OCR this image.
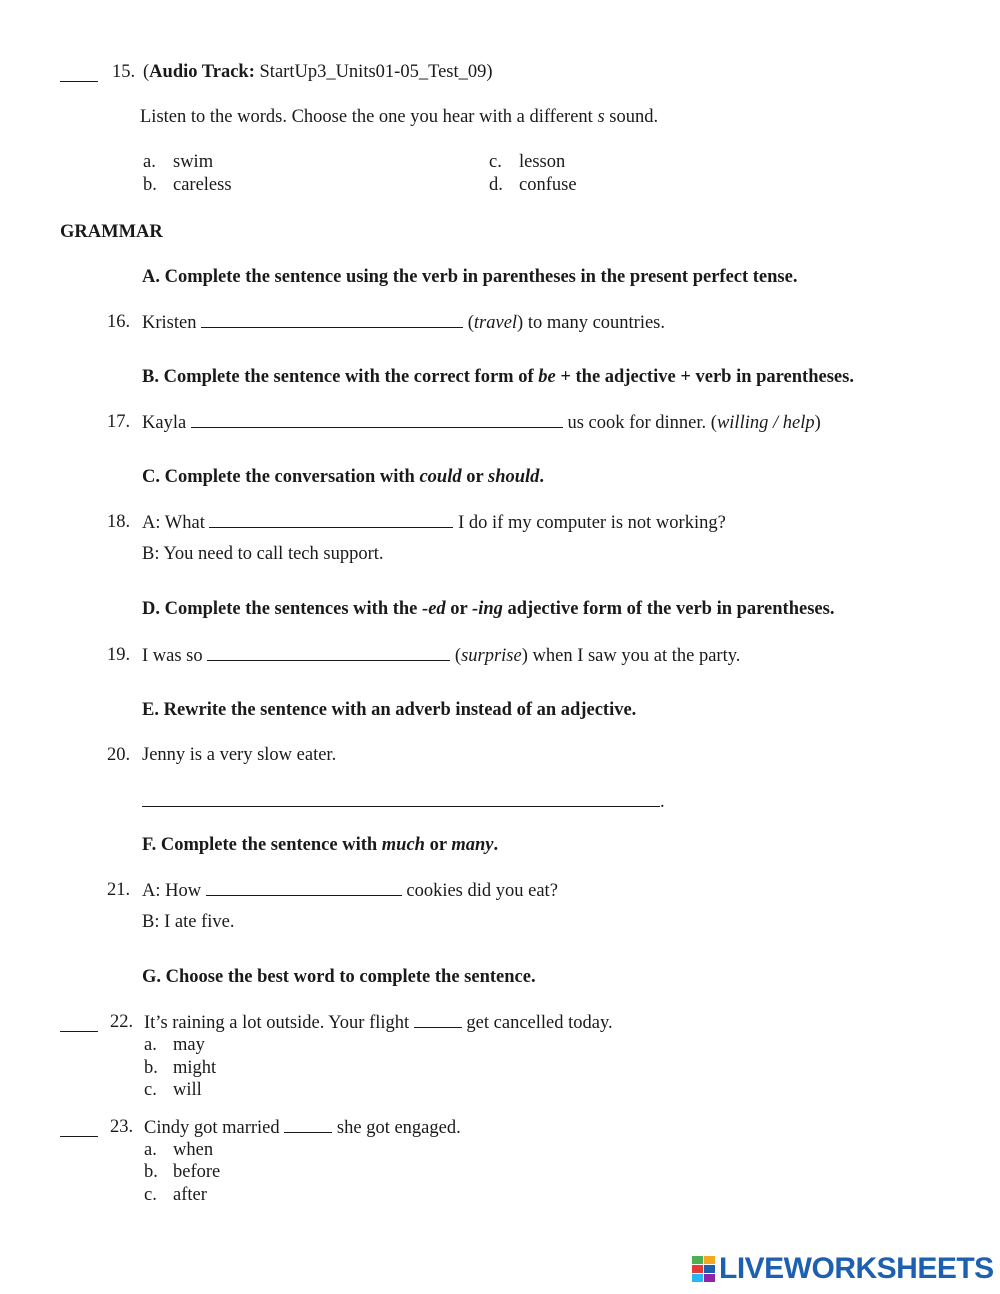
15. (Audio Track: StartUp3_Units01-05_Test_09)
Listen to the words. Choose the one you hear with a different s sound.
a. swim
b. careless
c. lesson
d. confuse
GRAMMAR
A. Complete the sentence using the verb in parentheses in the present perfect tense.
16. Kristen	(travel) to many countries.
B. Complete the sentence with the correct form of be + the adjective + verb in parentheses.
17. Kayla	us cook for dinner. (willing / help)
C. Complete the conversation with could or should.
18. A: What	I do if my computer is not working?
B: You need to call tech support.
D. Complete the sentences with the -ed or -ing adjective form of the verb in parentheses.
19. I was so	(surprise) when I saw you at the party.
E. Rewrite the sentence with an adverb instead of an adjective.
20. Jenny is a very slow eater.
.
F. Complete the sentence with much or many.
21. A: How	cookies did you eat?
B: I ate five.
G. Choose the best word to complete the sentence.
22. It’s raining a lot outside. Your flight	get cancelled today.
a. may
b. might
c. will
23. Cindy got married	she got engaged.
a. when
b. before
c. after
LIVEWORKSHEETS
